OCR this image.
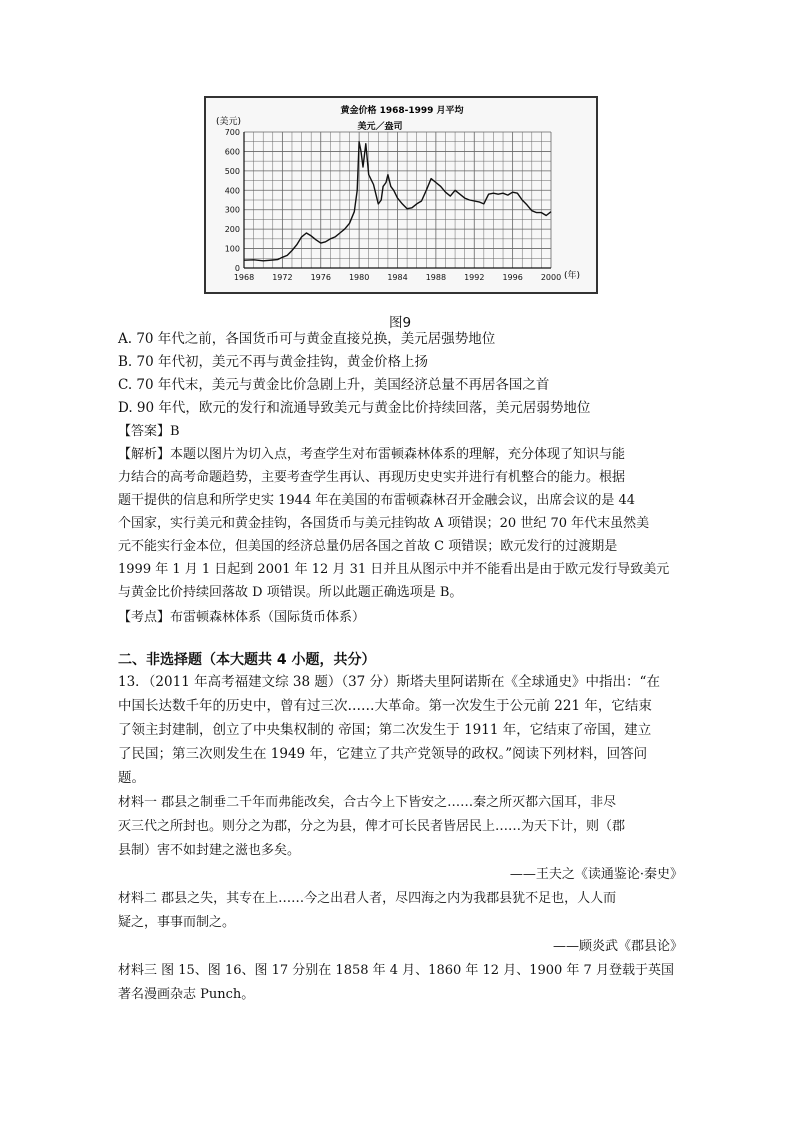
黄金价格 1968-1999 月平均
美元／盎司
(美元)
(年)
0
100
200
300
400
500
600
700
1968 1972 1976 1980 1984 1988 1992 1996 2000
图9
A. 70 年代之前，各国货币可与黄金直接兑换，美元居强势地位
B. 70 年代初，美元不再与黄金挂钩，黄金价格上扬
C. 70 年代末，美元与黄金比价急剧上升，美国经济总量不再居各国之首
D. 90 年代，欧元的发行和流通导致美元与黄金比价持续回落，美元居弱势地位
【答案】B
【解析】本题以图片为切入点，考查学生对布雷顿森林体系的理解，充分体现了知识与能
力结合的高考命题趋势，主要考查学生再认、再现历史史实并进行有机整合的能力。根据
题干提供的信息和所学史实 1944 年在美国的布雷顿森林召开金融会议，出席会议的是 44
个国家，实行美元和黄金挂钩，各国货币与美元挂钩故 A 项错误；20 世纪 70 年代末虽然美
元不能实行金本位，但美国的经济总量仍居各国之首故 C 项错误；欧元发行的过渡期是
1999 年 1 月 1 日起到 2001 年 12 月 31 日并且从图示中并不能看出是由于欧元发行导致美元
与黄金比价持续回落故 D 项错误。所以此题正确选项是 B。
【考点】布雷顿森林体系（国际货币体系）
二、非选择题（本大题共 4 小题，共分）
13．（2011 年高考福建文综 38 题）（37 分）斯塔夫里阿诺斯在《全球通史》中指出：“在
中国长达数千年的历史中，曾有过三次……大革命。第一次发生于公元前 221 年，它结束
了领主封建制，创立了中央集权制的 帝国；第二次发生于 1911 年，它结束了帝国，建立
了民国；第三次则发生在 1949 年，它建立了共产党领导的政权。”阅读下列材料，回答问
题。
材料一 郡县之制垂二千年而弗能改矣，合古今上下皆安之……秦之所灭都六国耳，非尽
灭三代之所封也。则分之为郡，分之为县，俾才可长民者皆居民上……为天下计，则（郡
县制）害不如封建之滋也多矣。
——王夫之《读通鉴论·秦史》
材料二 郡县之失，其专在上……今之出君人者，尽四海之内为我郡县犹不足也，人人而
疑之，事事而制之。
——顾炎武《郡县论》
材料三 图 15、图 16、图 17 分别在 1858 年 4 月、1860 年 12 月、1900 年 7 月登载于英国
著名漫画杂志 Punch。
